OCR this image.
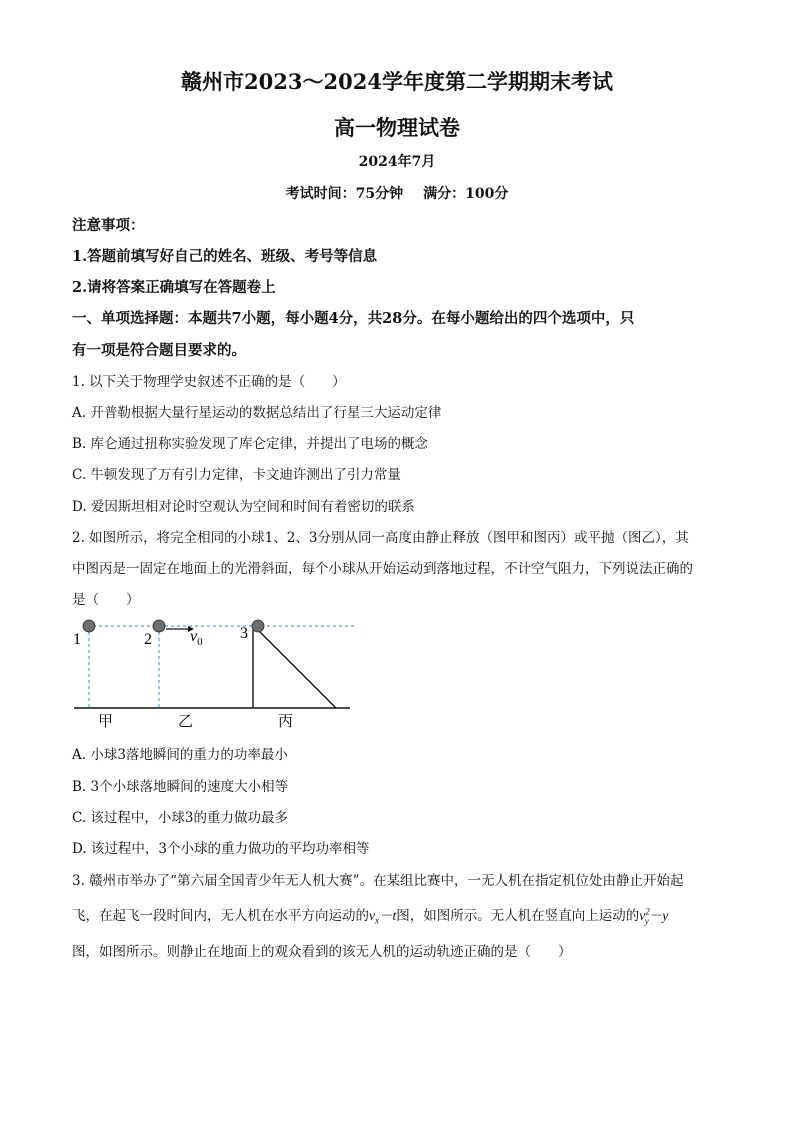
赣州市2023～2024学年度第二学期期末考试
高一物理试卷
2024年7月
考试时间：75分钟 满分：100分
注意事项：
1.答题前填写好自己的姓名、班级、考号等信息
2.请将答案正确填写在答题卷上
一、单项选择题：本题共7小题，每小题4分，共28分。在每小题给出的四个选项中，只
有一项是符合题目要求的。
1. 以下关于物理学史叙述不正确的是（　　）
A. 开普勒根据大量行星运动的数据总结出了行星三大运动定律
B. 库仑通过扭称实验发现了库仑定律，并提出了电场的概念
C. 牛顿发现了万有引力定律，卡文迪许测出了引力常量
D. 爱因斯坦相对论时空观认为空间和时间有着密切的联系
2. 如图所示，将完全相同的小球1、2、3分别从同一高度由静止释放（图甲和图丙）或平抛（图乙），其
中图丙是一固定在地面上的光滑斜面，每个小球从开始运动到落地过程，不计空气阻力，下列说法正确的
是（　　）
1	2	3
$v_0$
甲	乙	丙
A. 小球3落地瞬间的重力的功率最小
B. 3个小球落地瞬间的速度大小相等
C. 该过程中，小球3的重力做功最多
D. 该过程中，3个小球的重力做功的平均功率相等
3. 赣州市举办了“第六届全国青少年无人机大赛”。在某组比赛中，一无人机在指定机位处由静止开始起
飞，在起飞一段时间内，无人机在水平方向运动的$v_x-t$图，如图所示。无人机在竖直向上运动的$v^2_y-y$
图，如图所示。则静止在地面上的观众看到的该无人机的运动轨迹正确的是（　　）
